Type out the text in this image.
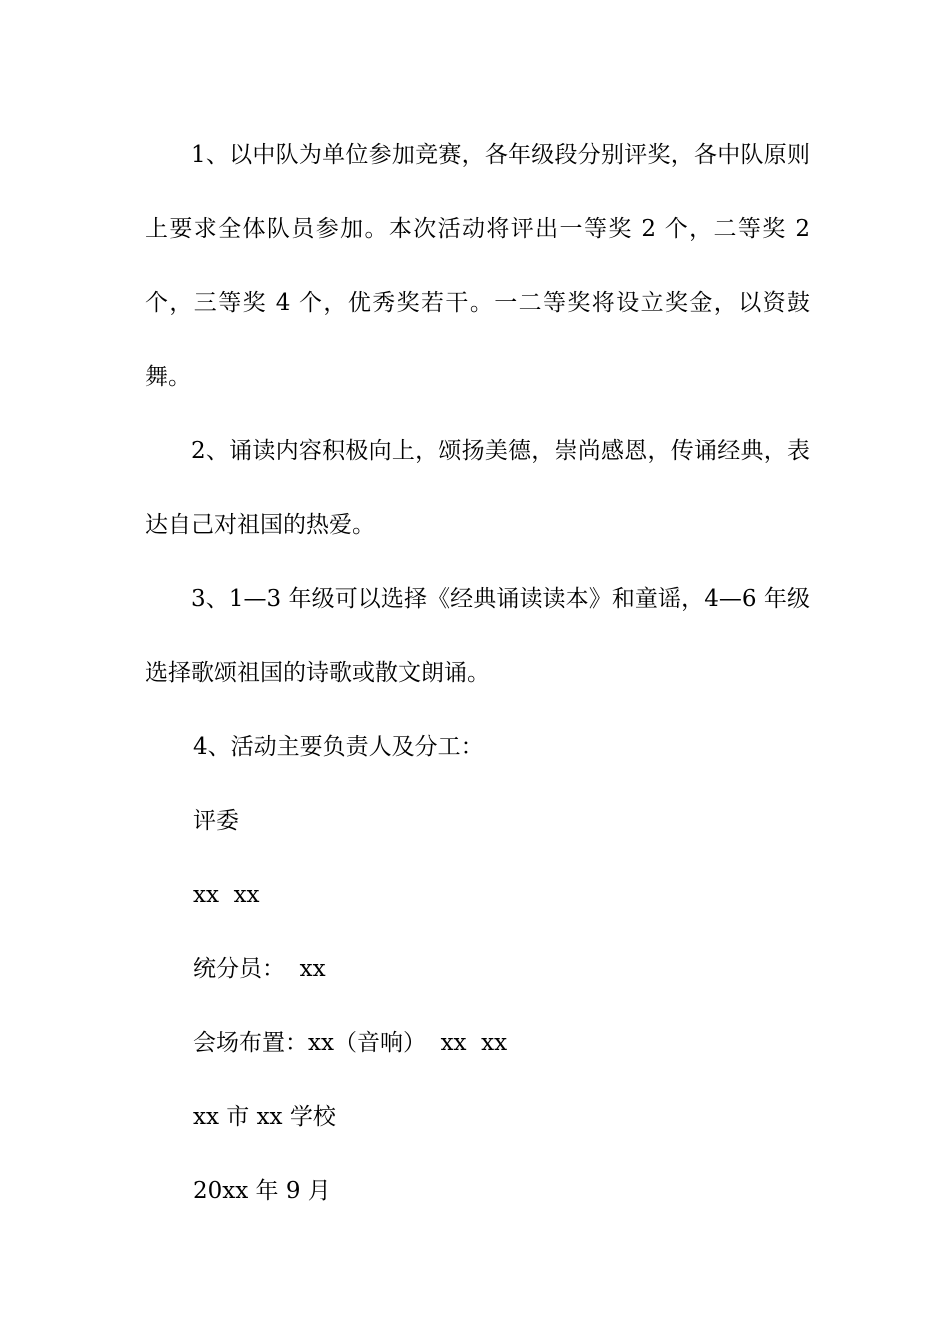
1、以中队为单位参加竞赛，各年级段分别评奖，各中队原则上要求全体队员参加。本次活动将评出一等奖 2 个，二等奖 2 个，三等奖 4 个，优秀奖若干。一二等奖将设立奖金，以资鼓舞。

2、诵读内容积极向上，颂扬美德，崇尚感恩，传诵经典，表达自己对祖国的热爱。

3、1—3 年级可以选择《经典诵读读本》和童谣，4—6 年级选择歌颂祖国的诗歌或散文朗诵。

4、活动主要负责人及分工：

评委

xx  xx

统分员：  xx

会场布置：xx（音响）  xx  xx

xx 市 xx 学校

20xx 年 9 月
